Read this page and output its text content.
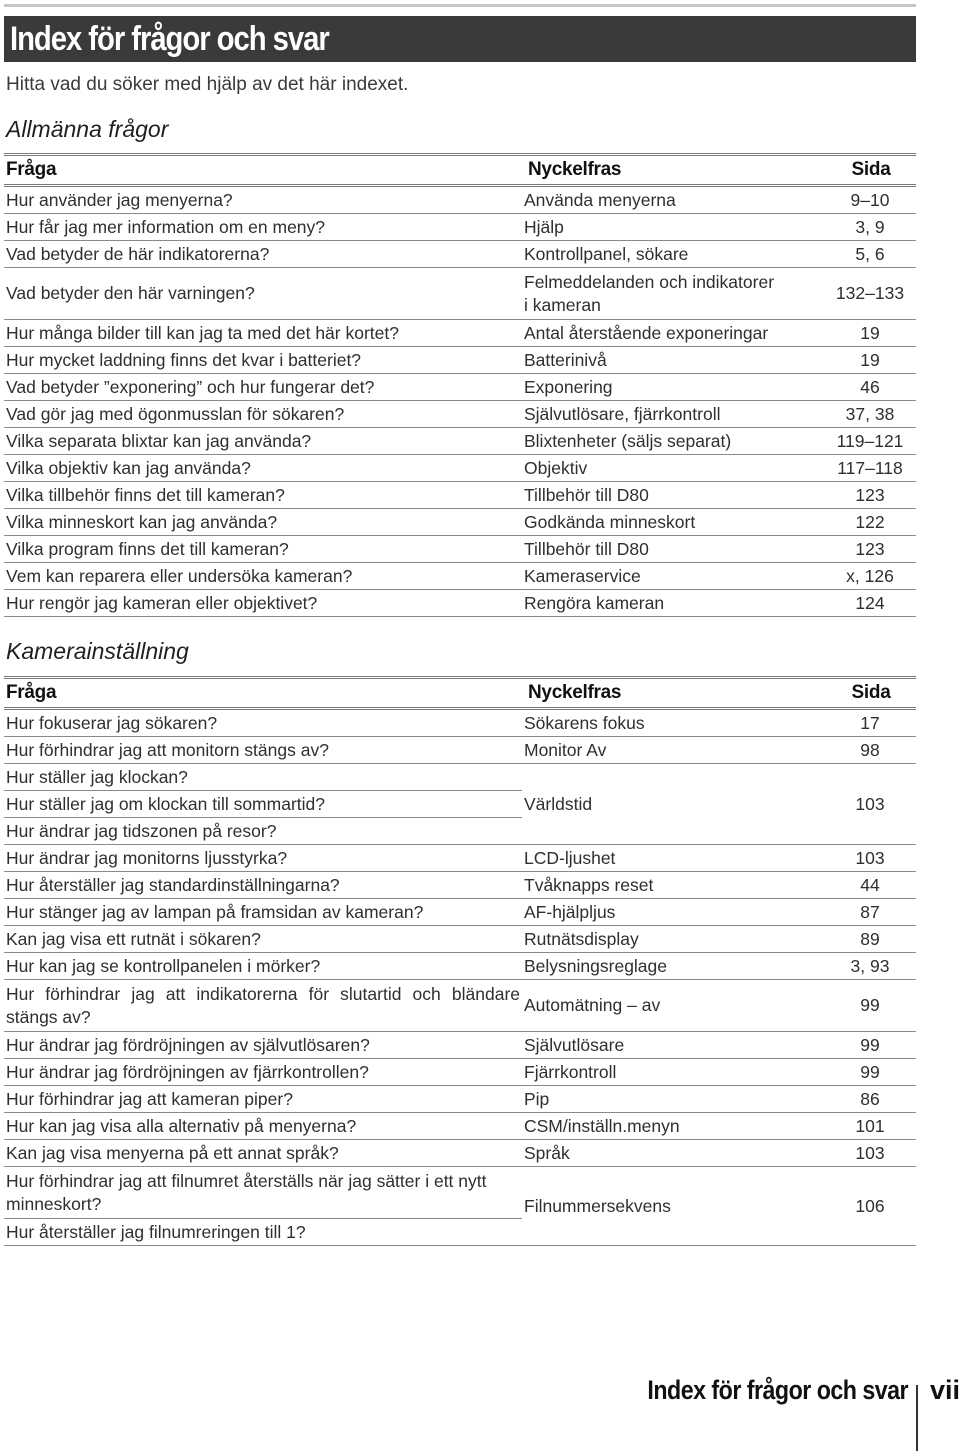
Index för frågor och svar
Hitta vad du söker med hjälp av det här indexet.
Allmänna frågor
Fråga	Nyckelfras	Sida
Hur använder jag menyerna?	Använda menyerna	9–10
Hur får jag mer information om en meny?	Hjälp	3, 9
Vad betyder de här indikatorerna?	Kontrollpanel, sökare	5, 6
Vad betyder den här varningen?	Felmeddelanden och indikatorer i kameran	132–133
Hur många bilder till kan jag ta med det här kortet?	Antal återstående exponeringar	19
Hur mycket laddning finns det kvar i batteriet?	Batterinivå	19
Vad betyder ”exponering” och hur fungerar det?	Exponering	46
Vad gör jag med ögonmusslan för sökaren?	Självutlösare, fjärrkontroll	37, 38
Vilka separata blixtar kan jag använda?	Blixtenheter (säljs separat)	119–121
Vilka objektiv kan jag använda?	Objektiv	117–118
Vilka tillbehör finns det till kameran?	Tillbehör till D80	123
Vilka minneskort kan jag använda?	Godkända minneskort	122
Vilka program finns det till kameran?	Tillbehör till D80	123
Vem kan reparera eller undersöka kameran?	Kameraservice	x, 126
Hur rengör jag kameran eller objektivet?	Rengöra kameran	124
Kamerainställning
Fråga	Nyckelfras	Sida
Hur fokuserar jag sökaren?	Sökarens fokus	17
Hur förhindrar jag att monitorn stängs av?	Monitor Av	98
Hur ställer jag klockan?	Världstid	103
Hur ställer jag om klockan till sommartid?		
Hur ändrar jag tidszonen på resor?		
Hur ändrar jag monitorns ljusstyrka?	LCD-ljushet	103
Hur återställer jag standardinställningarna?	Tvåknapps reset	44
Hur stänger jag av lampan på framsidan av kameran?	AF-hjälpljus	87
Kan jag visa ett rutnät i sökaren?	Rutnätsdisplay	89
Hur kan jag se kontrollpanelen i mörker?	Belysningsreglage	3, 93
Hur förhindrar jag att indikatorerna för slutartid och bländare stängs av?	Automätning – av	99
Hur ändrar jag fördröjningen av självutlösaren?	Självutlösare	99
Hur ändrar jag fördröjningen av fjärrkontrollen?	Fjärrkontroll	99
Hur förhindrar jag att kameran piper?	Pip	86
Hur kan jag visa alla alternativ på menyerna?	CSM/inställn.menyn	101
Kan jag visa menyerna på ett annat språk?	Språk	103
Hur förhindrar jag att filnumret återställs när jag sätter i ett nytt minneskort?	Filnummersekvens	106
Hur återställer jag filnumreringen till 1?		
Index för frågor och svar vii
